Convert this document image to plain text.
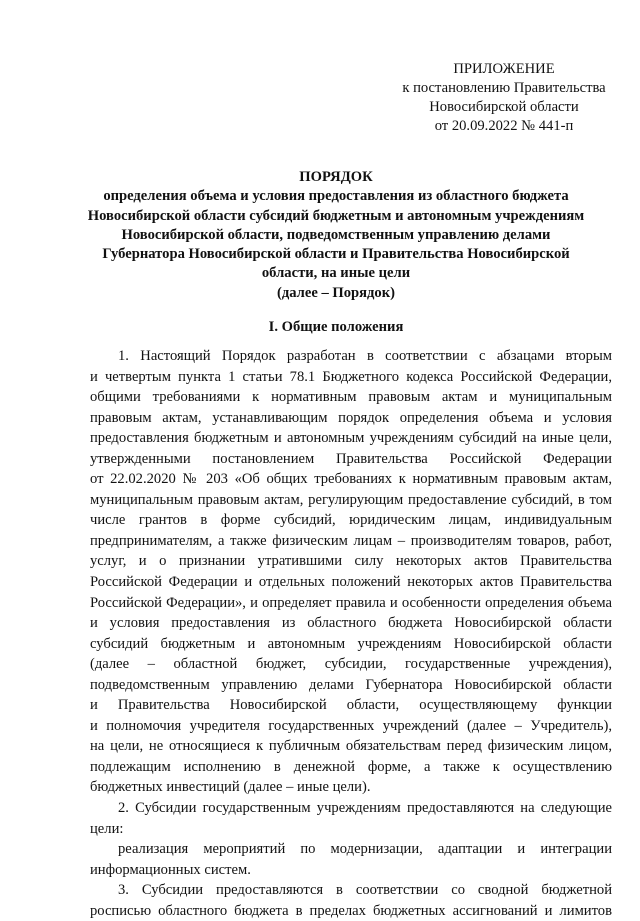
ПРИЛОЖЕНИЕ
к постановлению Правительства
Новосибирской области
от 20.09.2022 № 441-п
ПОРЯДОК
определения объема и условия предоставления из областного бюджета
Новосибирской области субсидий бюджетным и автономным учреждениям
Новосибирской области, подведомственным управлению делами
Губернатора Новосибирской области и Правительства Новосибирской
области, на иные цели
(далее – Порядок)
I. Общие положения
1. Настоящий Порядок разработан в соответствии с абзацами вторым
и четвертым пункта 1 статьи 78.1 Бюджетного кодекса Российской Федерации,
общими требованиями к нормативным правовым актам и муниципальным
правовым актам, устанавливающим порядок определения объема и условия
предоставления бюджетным и автономным учреждениям субсидий на иные цели,
утвержденными постановлением Правительства Российской Федерации
от 22.02.2020 № 203 «Об общих требованиях к нормативным правовым актам,
муниципальным правовым актам, регулирующим предоставление субсидий, в том
числе грантов в форме субсидий, юридическим лицам, индивидуальным
предпринимателям, а также физическим лицам – производителям товаров, работ,
услуг, и о признании утратившими силу некоторых актов Правительства
Российской Федерации и отдельных положений некоторых актов Правительства
Российской Федерации», и определяет правила и особенности определения объема
и условия предоставления из областного бюджета Новосибирской области
субсидий бюджетным и автономным учреждениям Новосибирской области
(далее – областной бюджет, субсидии, государственные учреждения),
подведомственным управлению делами Губернатора Новосибирской области
и Правительства Новосибирской области, осуществляющему функции
и полномочия учредителя государственных учреждений (далее – Учредитель),
на цели, не относящиеся к публичным обязательствам перед физическим лицом,
подлежащим исполнению в денежной форме, а также к осуществлению
бюджетных инвестиций (далее – иные цели).
2. Субсидии государственным учреждениям предоставляются на следующие
цели:
реализация мероприятий по модернизации, адаптации и интеграции
информационных систем.
3. Субсидии предоставляются в соответствии со сводной бюджетной
росписью областного бюджета в пределах бюджетных ассигнований и лимитов
